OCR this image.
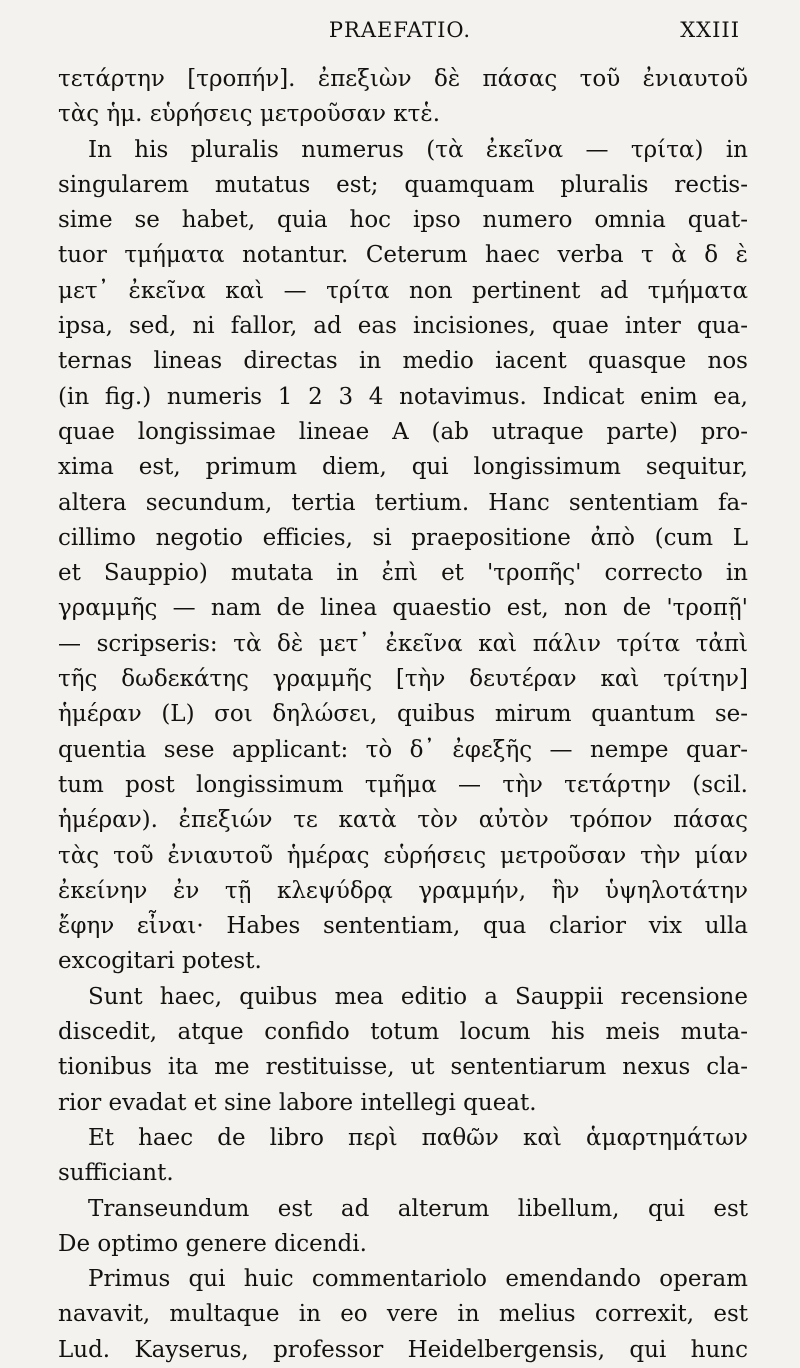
PRAEFATIO.	XXIII
τετάρτην [τροπήν]. ἐπεξιὼν δὲ πάσας τοῦ ἐνιαυτοῦ
τὰς ἡμ. εὑρήσεις μετροῦσαν κτἑ.
In his pluralis numerus (τὰ ἐκεῖνα — τρίτα) in
singularem mutatus est; quamquam pluralis rectis-
sime se habet, quia hoc ipso numero omnia quat-
tuor τμήματα notantur. Ceterum haec verba τ ὰ δ ὲ
μετ᾽ ἐκεῖνα καὶ — τρίτα non pertinent ad τμήματα
ipsa, sed, ni fallor, ad eas incisiones, quae inter qua-
ternas lineas directas in medio iacent quasque nos
(in fig.) numeris 1 2 3 4 notavimus. Indicat enim ea,
quae longissimae lineae A (ab utraque parte) pro-
xima est, primum diem, qui longissimum sequitur,
altera secundum, tertia tertium. Hanc sententiam fa-
cillimo negotio efficies, si praepositione ἀπὸ (cum L
et Sauppio) mutata in ἐπὶ et 'τροπῆς' correcto in
γραμμῆς — nam de linea quaestio est, non de 'τροπῇ'
— scripseris: τὰ δὲ μετ᾽ ἐκεῖνα καὶ πάλιν τρίτα τἀπὶ
τῆς δωδεκάτης γραμμῆς [τὴν δευτέραν καὶ τρίτην]
ἡμέραν (L) σοι δηλώσει, quibus mirum quantum se-
quentia sese applicant: τὸ δ᾽ ἐφεξῆς — nempe quar-
tum post longissimum τμῆμα — τὴν τετάρτην (scil.
ἡμέραν). ἐπεξιών τε κατὰ τὸν αὐτὸν τρόπον πάσας
τὰς τοῦ ἐνιαυτοῦ ἡμέρας εὑρήσεις μετροῦσαν τὴν μίαν
ἐκείνην ἐν τῇ κλεψύδρᾳ γραμμήν, ἣν ὑψηλοτάτην
ἔφην εἶναι· Habes sententiam, qua clarior vix ulla
excogitari potest.
Sunt haec, quibus mea editio a Sauppii recensione
discedit, atque confido totum locum his meis muta-
tionibus ita me restituisse, ut sententiarum nexus cla-
rior evadat et sine labore intellegi queat.
Et haec de libro περὶ παθῶν καὶ ἁμαρτημάτων
sufficiant.
Transeundum est ad alterum libellum, qui est
De optimo genere dicendi.
Primus qui huic commentariolo emendando operam
navavit, multaque in eo vere in melius correxit, est
Lud. Kayserus, professor Heidelbergensis, qui hunc
